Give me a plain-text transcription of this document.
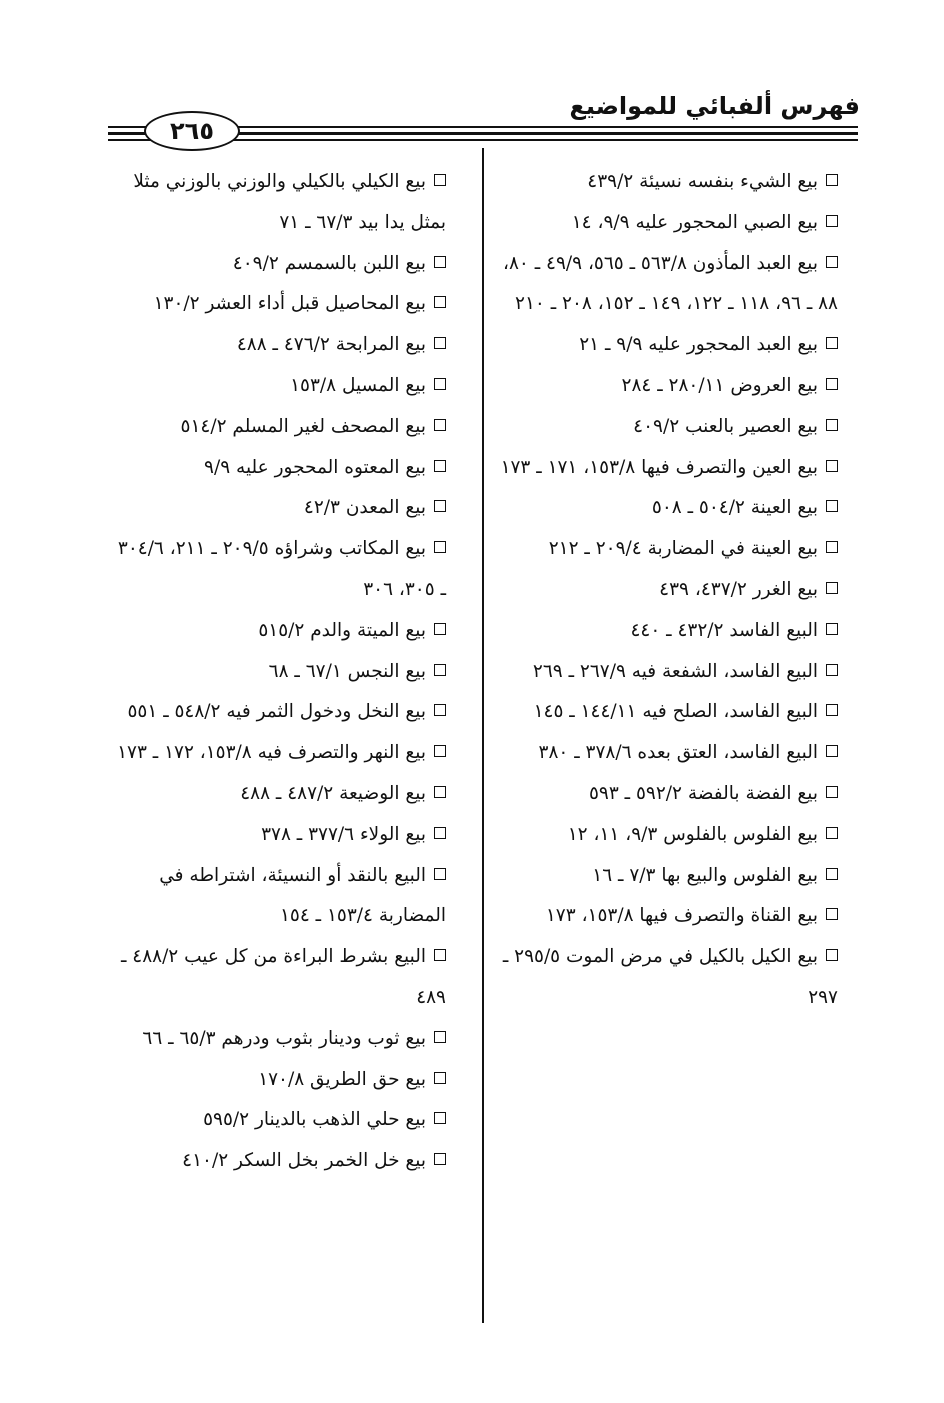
فهرس ألفبائي للمواضيع
٢٦٥
بيع الشيء بنفسه نسيئة ٤٣٩/٢
بيع الصبي المحجور عليه ٩/٩، ١٤
بيع العبد المأذون ٥٦٣/٨ ـ ٥٦٥، ٤٩/٩ ـ ٨٠، ٨٨ ـ ٩٦، ١١٨ ـ ١٢٢، ١٤٩ ـ ١٥٢، ٢٠٨ ـ ٢١٠
بيع العبد المحجور عليه ٩/٩ ـ ٢١
بيع العروض ٢٨٠/١١ ـ ٢٨٤
بيع العصير بالعنب ٤٠٩/٢
بيع العين والتصرف فيها ١٥٣/٨، ١٧١ ـ ١٧٣
بيع العينة ٥٠٤/٢ ـ ٥٠٨
بيع العينة في المضاربة ٢٠٩/٤ ـ ٢١٢
بيع الغرر ٤٣٧/٢، ٤٣٩
البيع الفاسد ٤٣٢/٢ ـ ٤٤٠
البيع الفاسد، الشفعة فيه ٢٦٧/٩ ـ ٢٦٩
البيع الفاسد، الصلح فيه ١٤٤/١١ ـ ١٤٥
البيع الفاسد، العتق بعده ٣٧٨/٦ ـ ٣٨٠
بيع الفضة بالفضة ٥٩٢/٢ ـ ٥٩٣
بيع الفلوس بالفلوس ٩/٣، ١١، ١٢
بيع الفلوس والبيع بها ٧/٣ ـ ١٦
بيع القناة والتصرف فيها ١٥٣/٨، ١٧٣
بيع الكيل بالكيل في مرض الموت ٢٩٥/٥ ـ ٢٩٧
بيع الكيلي بالكيلي والوزني بالوزني مثلا بمثل يدا بيد ٦٧/٣ ـ ٧١
بيع اللبن بالسمسم ٤٠٩/٢
بيع المحاصيل قبل أداء العشر ١٣٠/٢
بيع المرابحة ٤٧٦/٢ ـ ٤٨٨
بيع المسيل ١٥٣/٨
بيع المصحف لغير المسلم ٥١٤/٢
بيع المعتوه المحجور عليه ٩/٩
بيع المعدن ٤٢/٣
بيع المكاتب وشراؤه ٢٠٩/٥ ـ ٢١١، ٣٠٤/٦ ـ ٣٠٥، ٣٠٦
بيع الميتة والدم ٥١٥/٢
بيع النجس ٦٧/١ ـ ٦٨
بيع النخل ودخول الثمر فيه ٥٤٨/٢ ـ ٥٥١
بيع النهر والتصرف فيه ١٥٣/٨، ١٧٢ ـ ١٧٣
بيع الوضيعة ٤٨٧/٢ ـ ٤٨٨
بيع الولاء ٣٧٧/٦ ـ ٣٧٨
البيع بالنقد أو النسيئة، اشتراطه في المضاربة ١٥٣/٤ ـ ١٥٤
البيع بشرط البراءة من كل عيب ٤٨٨/٢ ـ ٤٨٩
بيع ثوب ودينار بثوب ودرهم ٦٥/٣ ـ ٦٦
بيع حق الطريق ١٧٠/٨
بيع حلي الذهب بالدينار ٥٩٥/٢
بيع خل الخمر بخل السكر ٤١٠/٢
